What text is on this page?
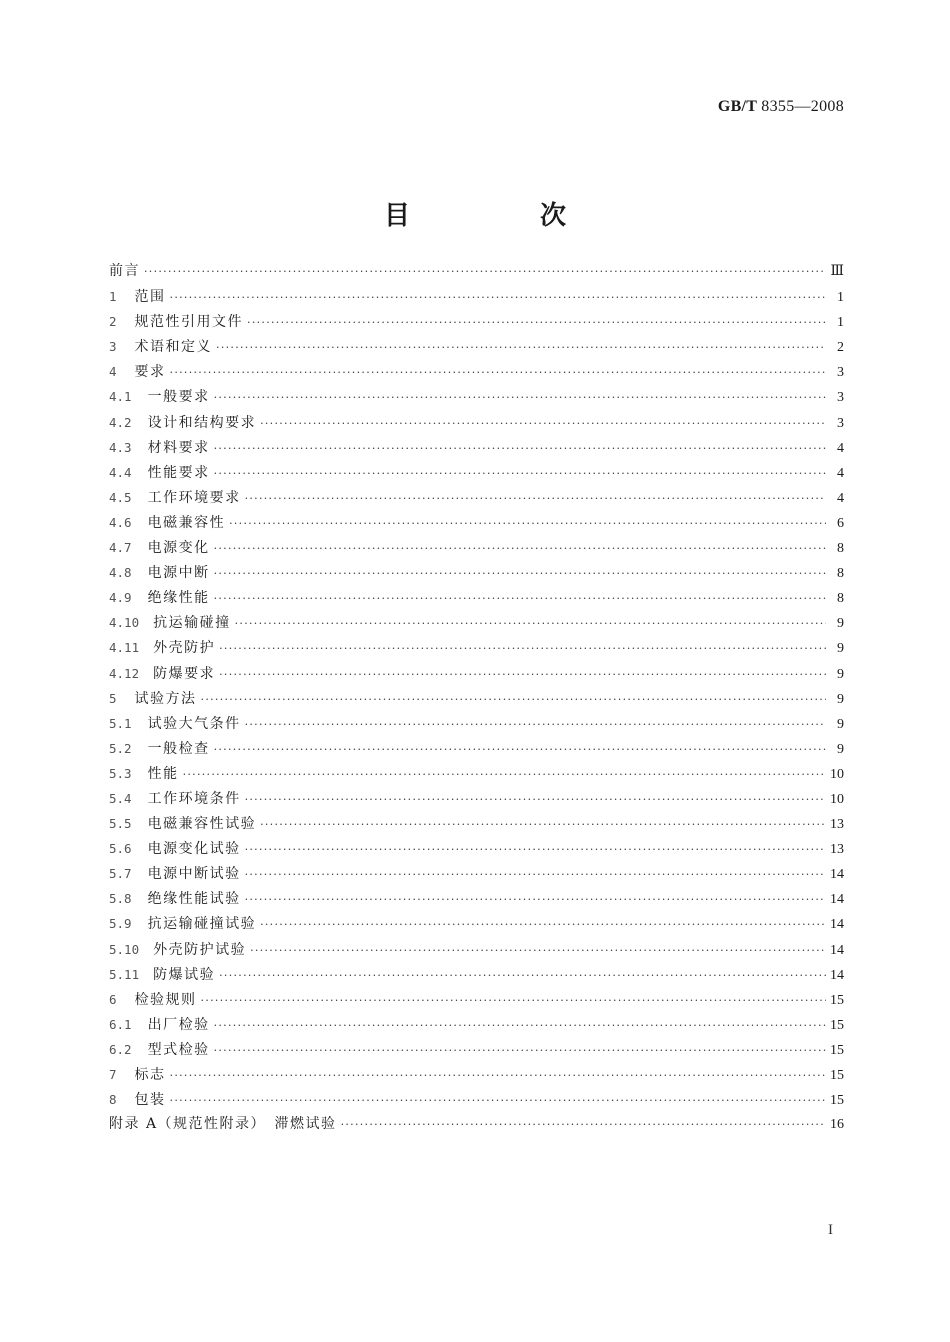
GB/T 8355—2008
目　次
前言 ·····	Ⅲ
1 范围 ·····	1
2 规范性引用文件 ·····	1
3 术语和定义 ·····	2
4 要求 ·····	3
4.1 一般要求 ·····	3
4.2 设计和结构要求 ·····	3
4.3 材料要求 ·····	4
4.4 性能要求 ·····	4
4.5 工作环境要求 ·····	4
4.6 电磁兼容性 ·····	6
4.7 电源变化 ·····	8
4.8 电源中断 ·····	8
4.9 绝缘性能 ·····	8
4.10 抗运输碰撞 ·····	9
4.11 外壳防护 ·····	9
4.12 防爆要求 ·····	9
5 试验方法 ·····	9
5.1 试验大气条件 ·····	9
5.2 一般检查 ·····	9
5.3 性能 ·····	10
5.4 工作环境条件 ·····	10
5.5 电磁兼容性试验 ·····	13
5.6 电源变化试验 ·····	13
5.7 电源中断试验 ·····	14
5.8 绝缘性能试验 ·····	14
5.9 抗运输碰撞试验 ·····	14
5.10 外壳防护试验 ·····	14
5.11 防爆试验 ·····	14
6 检验规则 ·····	15
6.1 出厂检验 ·····	15
6.2 型式检验 ·····	15
7 标志 ·····	15
8 包装 ·····	15
附录 A（规范性附录）　滞燃试验 ·····	16
I
